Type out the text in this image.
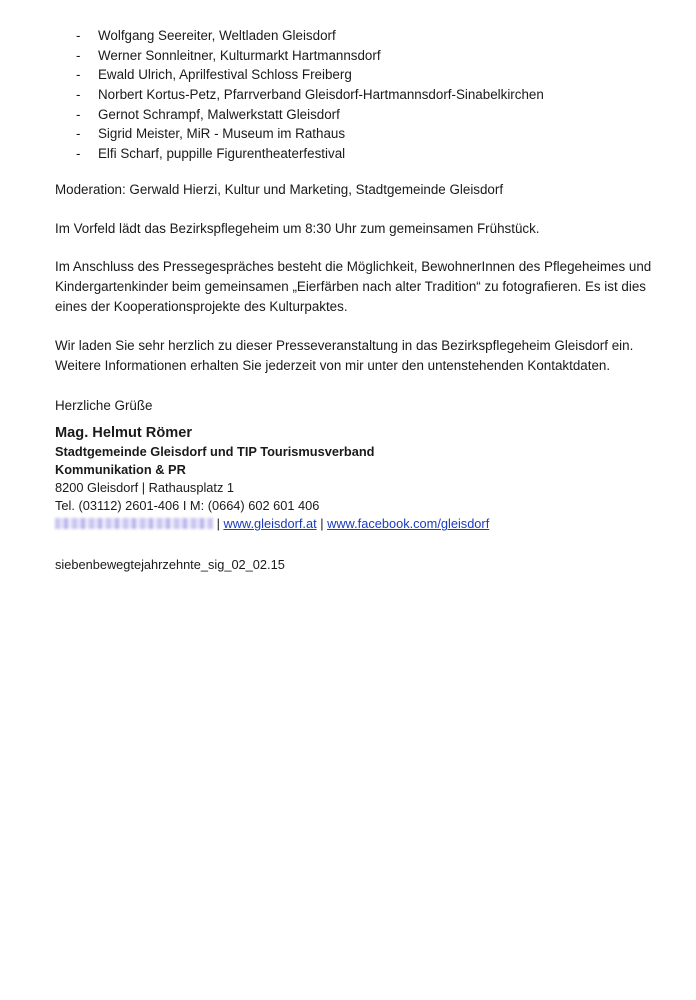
-	Wolfgang Seereiter, Weltladen Gleisdorf
-	Werner Sonnleitner, Kulturmarkt Hartmannsdorf
-	Ewald Ulrich, Aprilfestival Schloss Freiberg
-	Norbert Kortus-Petz, Pfarrverband Gleisdorf-Hartmannsdorf-Sinabelkirchen
-	Gernot Schrampf, Malwerkstatt Gleisdorf
-	Sigrid Meister, MiR - Museum im Rathaus
-	Elfi Scharf, puppille Figurentheaterfestival

Moderation: Gerwald Hierzi, Kultur und Marketing, Stadtgemeinde Gleisdorf

Im Vorfeld lädt das Bezirkspflegeheim um 8:30 Uhr zum gemeinsamen Frühstück.

Im Anschluss des Pressegespräches besteht die Möglichkeit, BewohnerInnen des Pflegeheimes und

Kindergartenkinder beim gemeinsamen „Eierfärben nach alter Tradition“ zu fotografieren. Es ist dies

eines der Kooperationsprojekte des Kulturpaktes.

Wir laden Sie sehr herzlich zu dieser Presseveranstaltung in das Bezirkspflegeheim Gleisdorf ein.

Weitere Informationen erhalten Sie jederzeit von mir unter den untenstehenden Kontaktdaten.

Herzliche Grüße

Mag. Helmut Römer
Stadtgemeinde Gleisdorf und TIP Tourismusverband
Kommunikation & PR
8200 Gleisdorf | Rathausplatz 1
Tel. (03112) 2601-406 I M: (0664) 602 601 406
| www.gleisdorf.at | www.facebook.com/gleisdorf
siebenbewegtejahrzehnte_sig_02_02.15
